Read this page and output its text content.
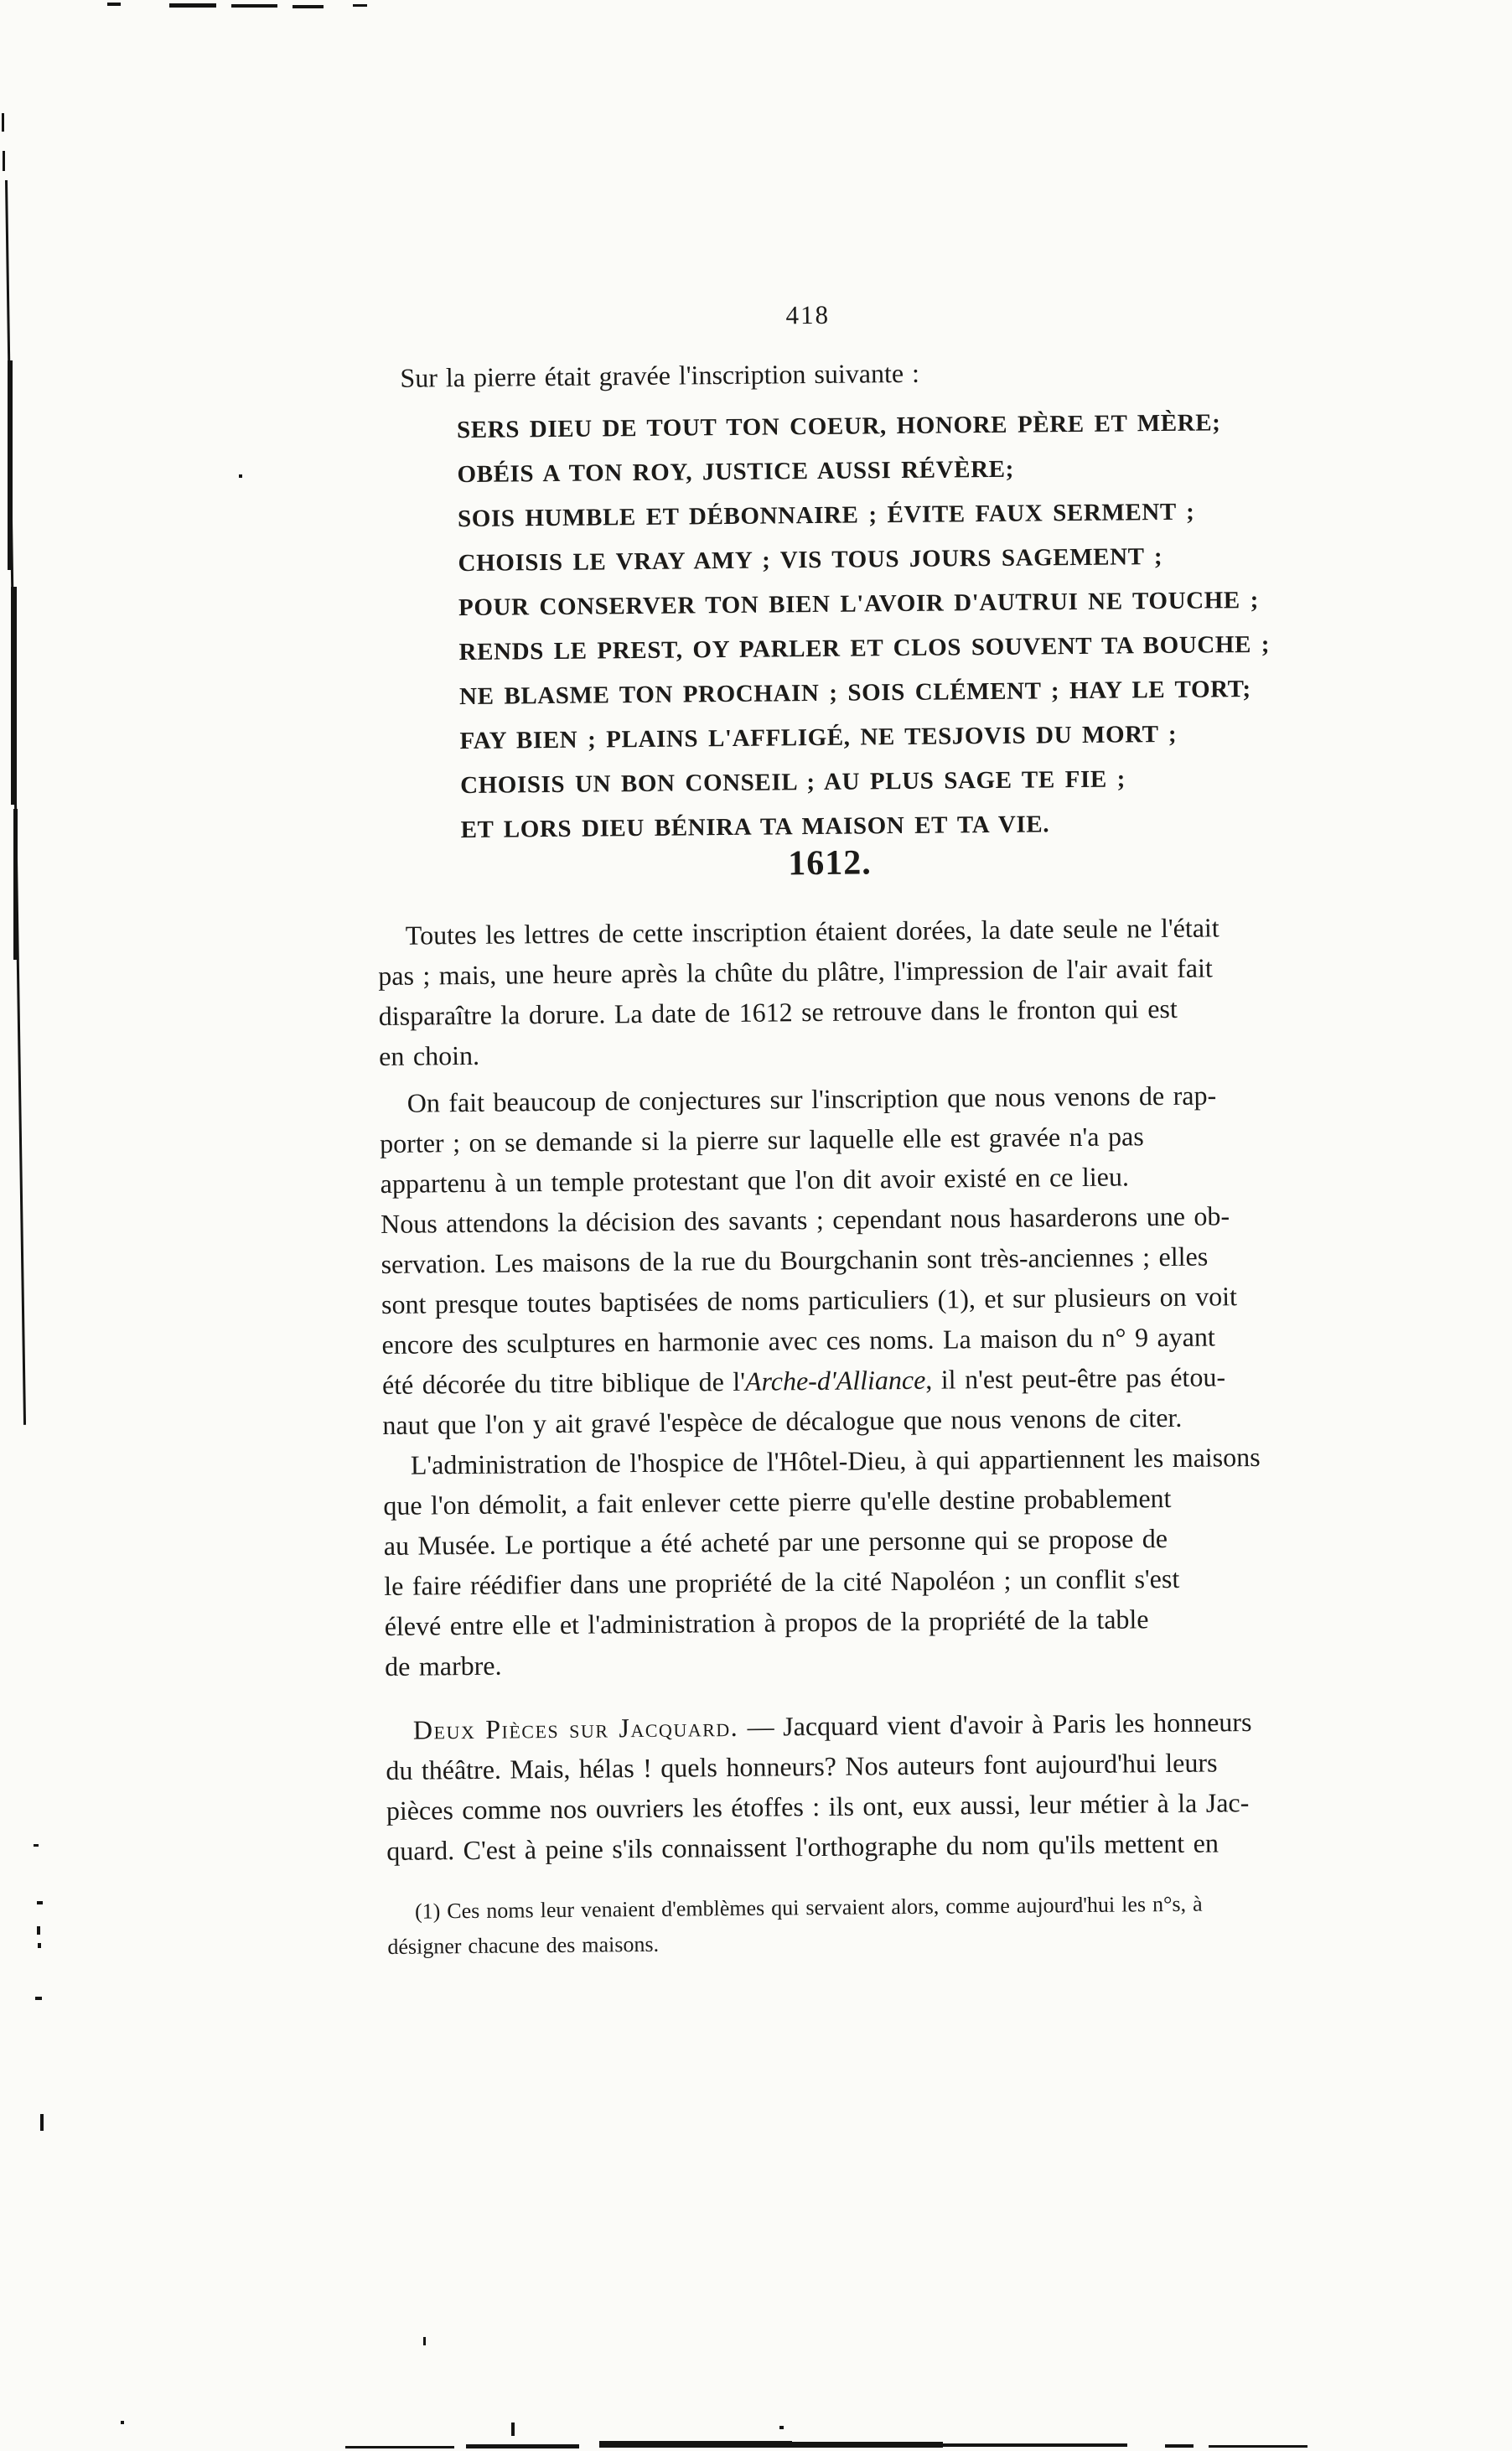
418
Sur la pierre était gravée l'inscription suivante :
SERS DIEU DE TOUT TON COEUR, HONORE PÈRE ET MÈRE;
OBÉIS A TON ROY, JUSTICE AUSSI RÉVÈRE;
SOIS HUMBLE ET DÉBONNAIRE ; ÉVITE FAUX SERMENT ;
CHOISIS LE VRAY AMY ; VIS TOUS JOURS SAGEMENT ;
POUR CONSERVER TON BIEN L'AVOIR D'AUTRUI NE TOUCHE ;
RENDS LE PREST, OY PARLER ET CLOS SOUVENT TA BOUCHE ;
NE BLASME TON PROCHAIN ; SOIS CLÉMENT ; HAY LE TORT;
FAY BIEN ; PLAINS L'AFFLIGÉ, NE TESJOVIS DU MORT ;
CHOISIS UN BON CONSEIL ; AU PLUS SAGE TE FIE ;
ET LORS DIEU BÉNIRA TA MAISON ET TA VIE.
1612.
Toutes les lettres de cette inscription étaient dorées, la date seule ne l'était
pas ; mais, une heure après la chûte du plâtre, l'impression de l'air avait fait
disparaître la dorure. La date de 1612 se retrouve dans le fronton qui est
en choin.
On fait beaucoup de conjectures sur l'inscription que nous venons de rap-
porter ; on se demande si la pierre sur laquelle elle est gravée n'a pas
appartenu à un temple protestant que l'on dit avoir existé en ce lieu.
Nous attendons la décision des savants ; cependant nous hasarderons une ob-
servation. Les maisons de la rue du Bourgchanin sont très-anciennes ; elles
sont presque toutes baptisées de noms particuliers (1), et sur plusieurs on voit
encore des sculptures en harmonie avec ces noms. La maison du n° 9 ayant
été décorée du titre biblique de l'Arche-d'Alliance, il n'est peut-être pas étou-
naut que l'on y ait gravé l'espèce de décalogue que nous venons de citer.
L'administration de l'hospice de l'Hôtel-Dieu, à qui appartiennent les maisons
que l'on démolit, a fait enlever cette pierre qu'elle destine probablement
au Musée. Le portique a été acheté par une personne qui se propose de
le faire réédifier dans une propriété de la cité Napoléon ; un conflit s'est
élevé entre elle et l'administration à propos de la propriété de la table
de marbre.
Deux Pièces sur Jacquard. — Jacquard vient d'avoir à Paris les honneurs
du théâtre. Mais, hélas ! quels honneurs? Nos auteurs font aujourd'hui leurs
pièces comme nos ouvriers les étoffes : ils ont, eux aussi, leur métier à la Jac-
quard. C'est à peine s'ils connaissent l'orthographe du nom qu'ils mettent en
(1) Ces noms leur venaient d'emblèmes qui servaient alors, comme aujourd'hui les n°s, à
désigner chacune des maisons.
